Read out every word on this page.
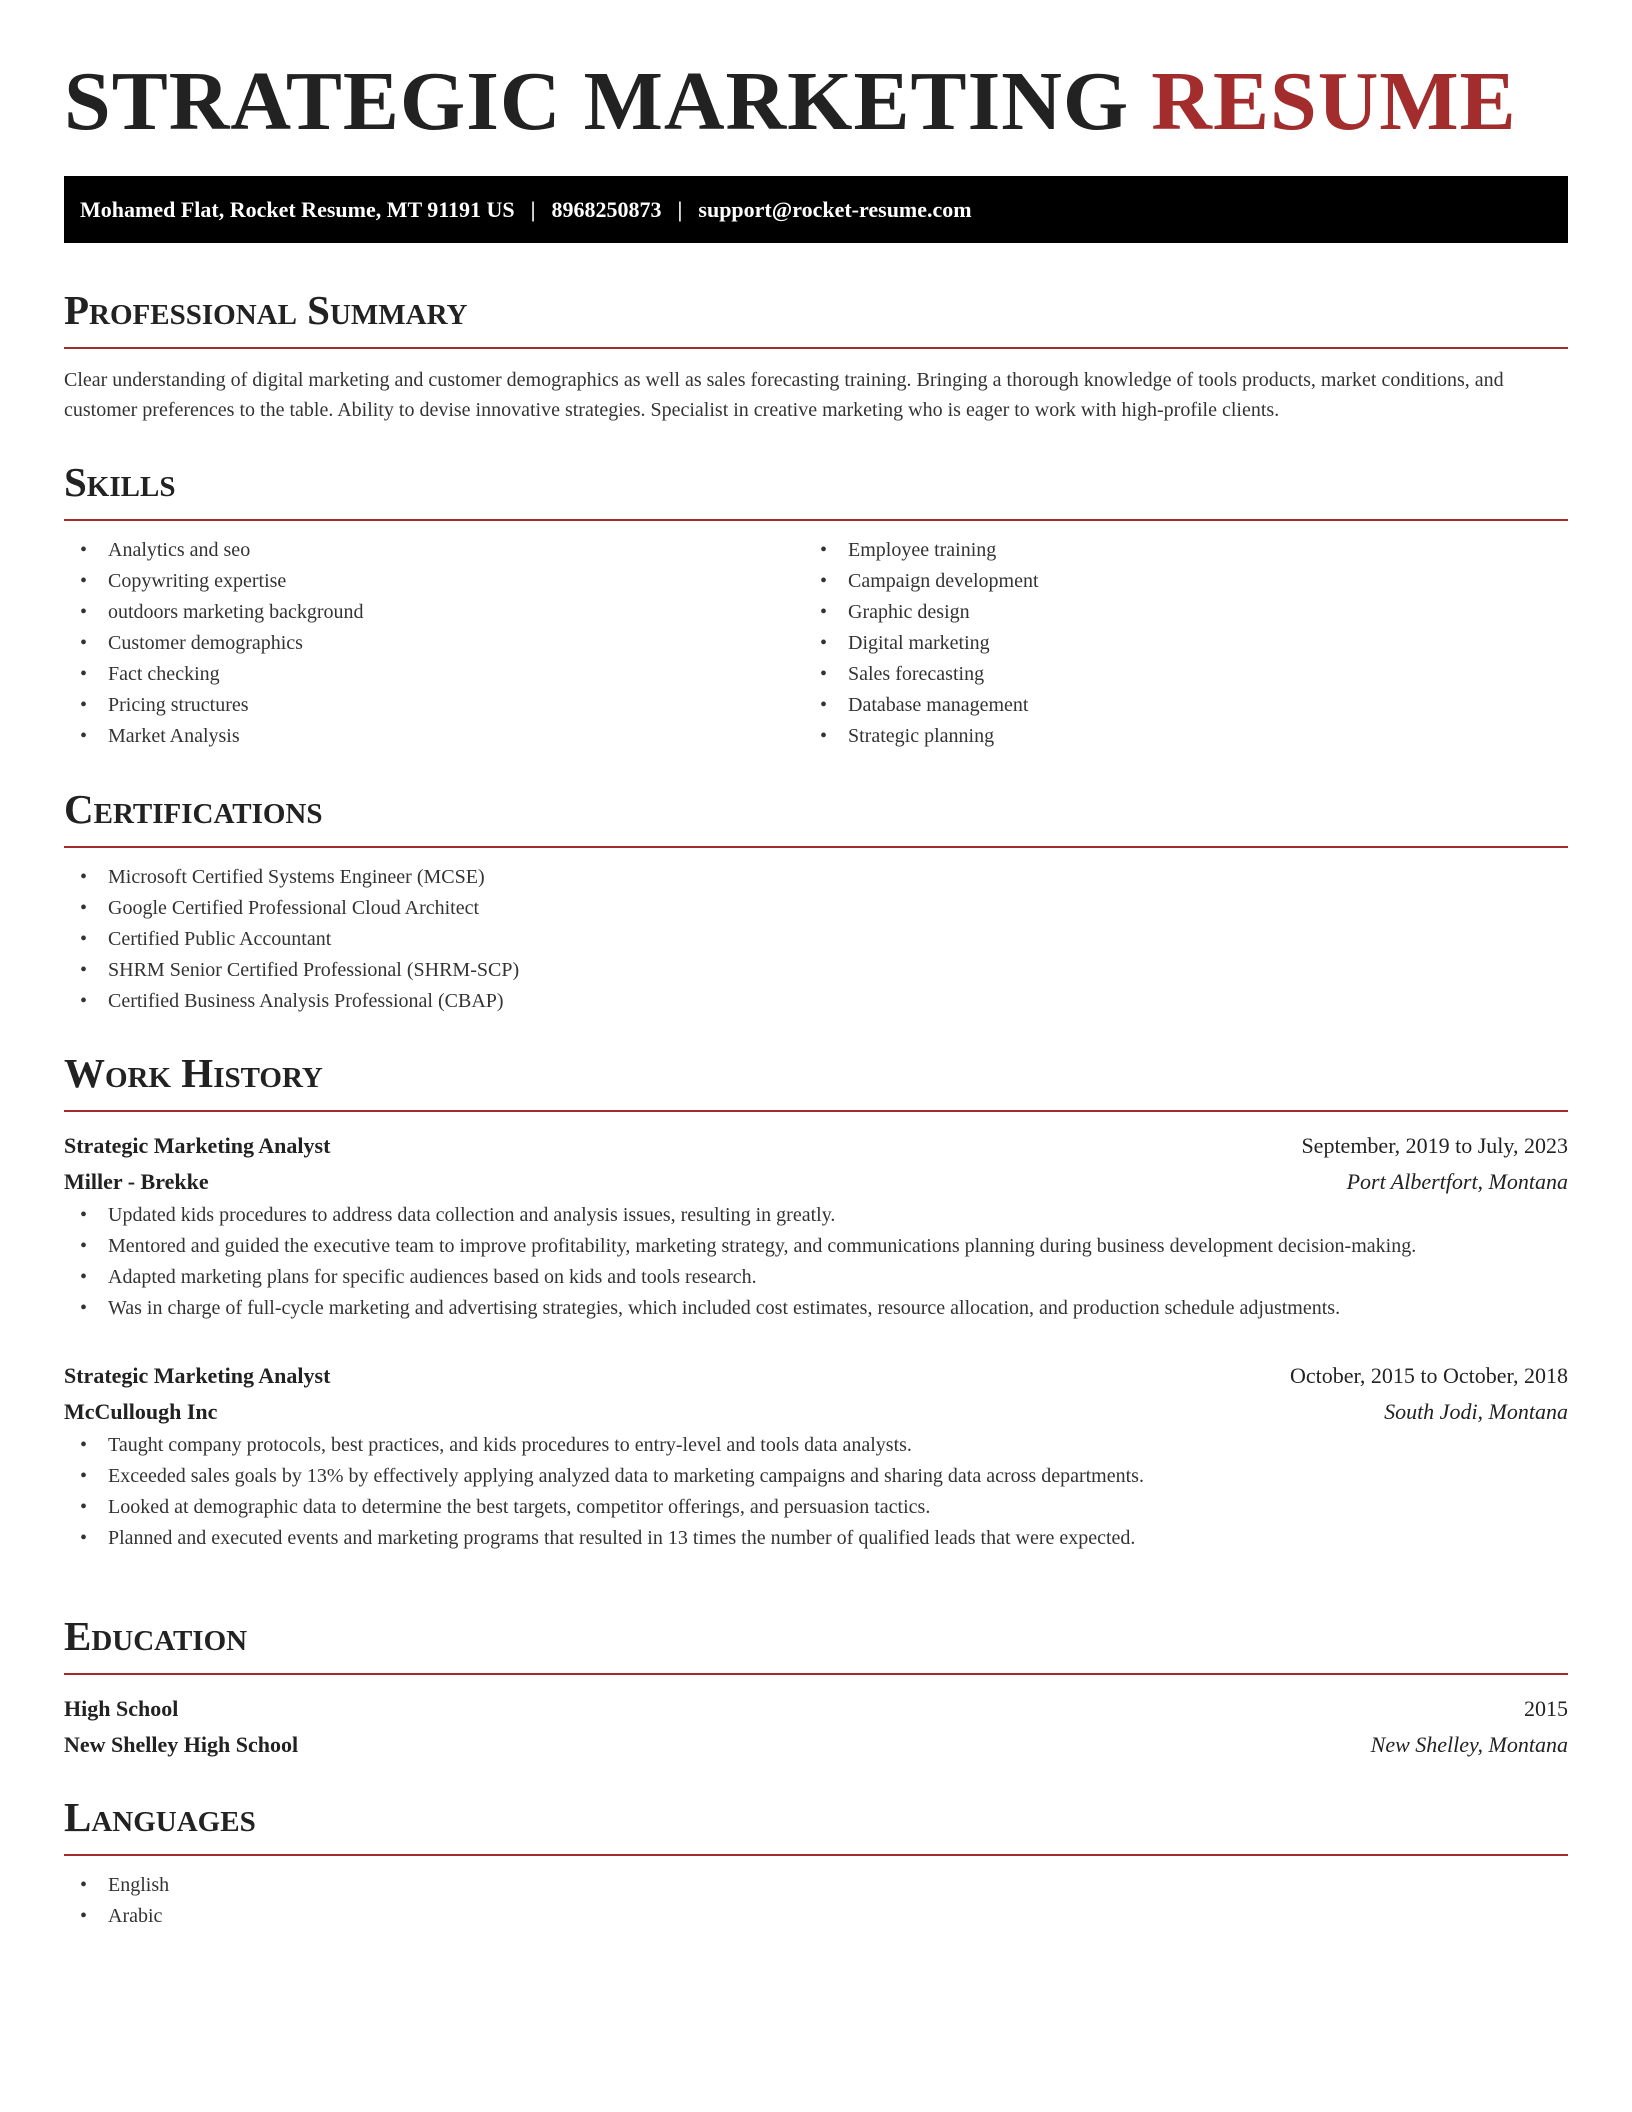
STRATEGIC MARKETING RESUME
Mohamed Flat, Rocket Resume, MT 91191 US | 8968250873 | support@rocket-resume.com
Professional Summary

Clear understanding of digital marketing and customer demographics as well as sales forecasting training. Bringing a thorough knowledge of tools products, market conditions, and customer preferences to the table. Ability to devise innovative strategies. Specialist in creative marketing who is eager to work with high-profile clients.

Skills
• Analytics and seo
• Copywriting expertise
• outdoors marketing background
• Customer demographics
• Fact checking
• Pricing structures
• Market Analysis
• Employee training
• Campaign development
• Graphic design
• Digital marketing
• Sales forecasting
• Database management
• Strategic planning
Certifications
• Microsoft Certified Systems Engineer (MCSE)
• Google Certified Professional Cloud Architect
• Certified Public Accountant
• SHRM Senior Certified Professional (SHRM-SCP)
• Certified Business Analysis Professional (CBAP)
Work History
Strategic Marketing Analyst	September, 2019 to July, 2023
Miller - Brekke	Port Albertfort, Montana
• Updated kids procedures to address data collection and analysis issues, resulting in greatly.
• Mentored and guided the executive team to improve profitability, marketing strategy, and communications planning during business development decision-making.
• Adapted marketing plans for specific audiences based on kids and tools research.
• Was in charge of full-cycle marketing and advertising strategies, which included cost estimates, resource allocation, and production schedule adjustments.
Strategic Marketing Analyst	October, 2015 to October, 2018
McCullough Inc	South Jodi, Montana
• Taught company protocols, best practices, and kids procedures to entry-level and tools data analysts.
• Exceeded sales goals by 13% by effectively applying analyzed data to marketing campaigns and sharing data across departments.
• Looked at demographic data to determine the best targets, competitor offerings, and persuasion tactics.
• Planned and executed events and marketing programs that resulted in 13 times the number of qualified leads that were expected.
Education
High School	2015
New Shelley High School	New Shelley, Montana
Languages
• English
• Arabic
